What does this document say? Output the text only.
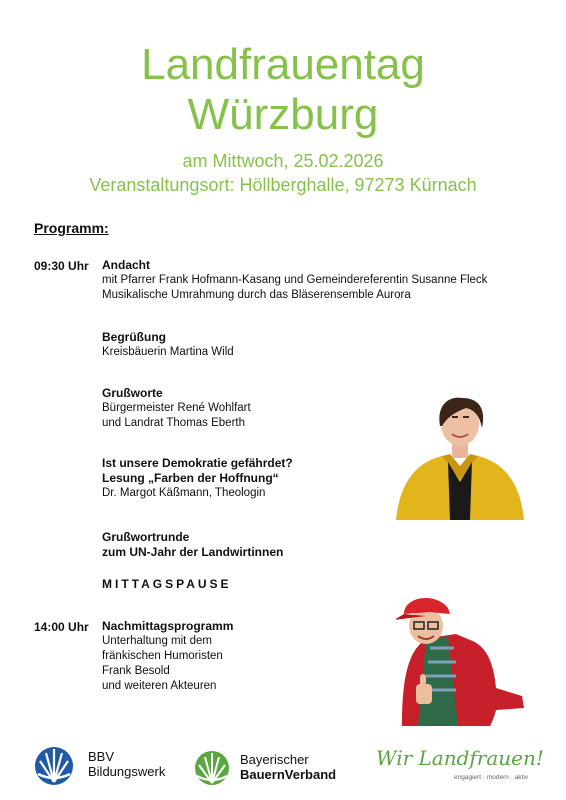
Landfrauentag
Würzburg
am Mittwoch, 25.02.2026
Veranstaltungsort: Höllberghalle, 97273 Kürnach
Programm:
09:30 Uhr Andacht
mit Pfarrer Frank Hofmann-Kasang und Gemeindereferentin Susanne Fleck
Musikalische Umrahmung durch das Bläserensemble Aurora
Begrüßung
Kreisbäuerin Martina Wild
Grußworte
Bürgermeister René Wohlfart
und Landrat Thomas Eberth
Ist unsere Demokratie gefährdet?
Lesung „Farben der Hoffnung“
Dr. Margot Käßmann, Theologin
Grußwortrunde
zum UN-Jahr der Landwirtinnen
MITTAGSPAUSE
14:00 Uhr Nachmittagsprogramm
Unterhaltung mit dem
fränkischen Humoristen
Frank Besold
und weiteren Akteuren
BBV
Bildungswerk
Bayerischer
BauernVerband
Wir Landfrauen!
engagiert · modern · aktiv
